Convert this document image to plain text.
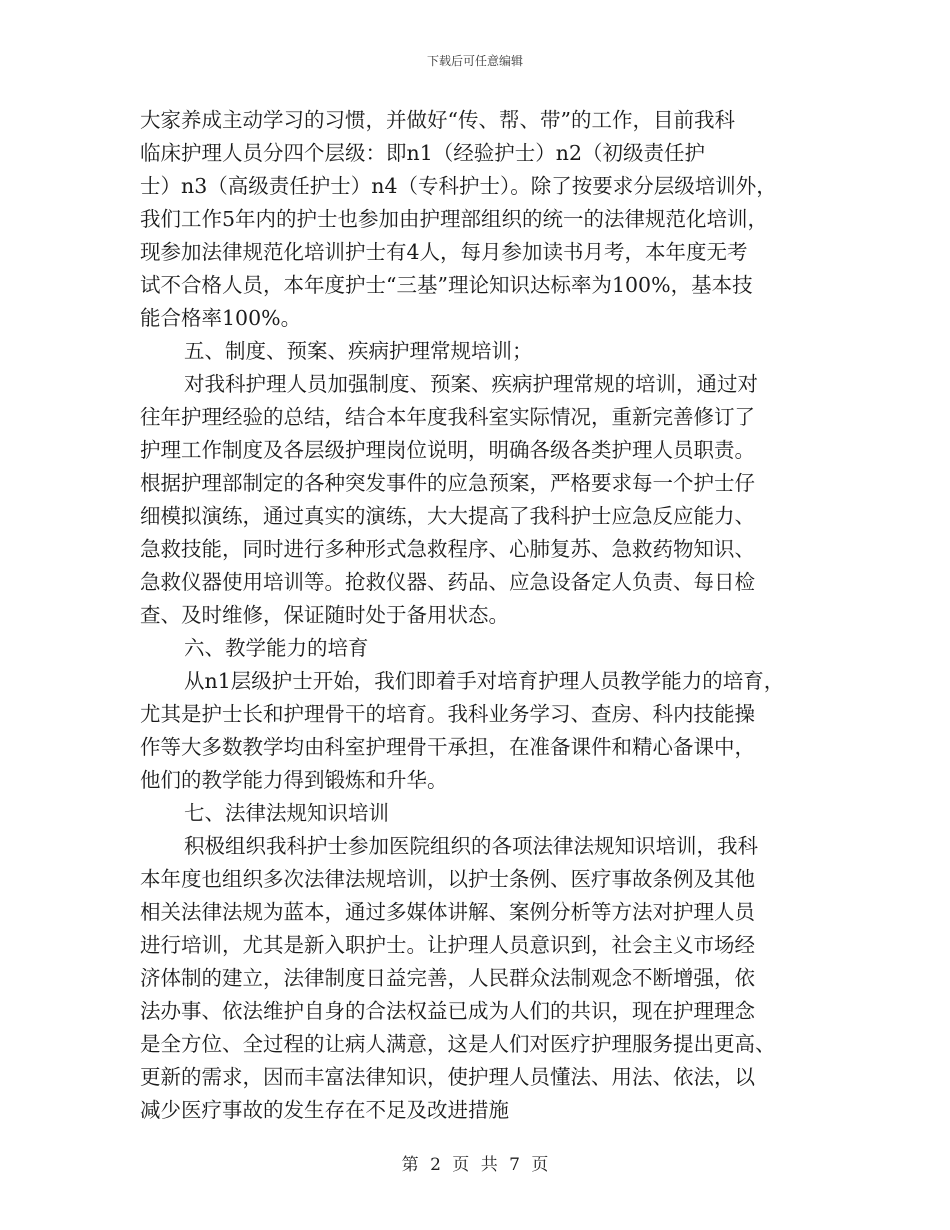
下载后可任意编辑
大家养成主动学习的习惯，并做好“传、帮、带”的工作，目前我科
临床护理人员分四个层级：即n1（经验护士）n2（初级责任护
士）n3（高级责任护士）n4（专科护士）。除了按要求分层级培训外，
我们工作5年内的护士也参加由护理部组织的统一的法律规范化培训，
现参加法律规范化培训护士有4人，每月参加读书月考，本年度无考
试不合格人员，本年度护士“三基”理论知识达标率为100%，基本技
能合格率100%。
五、制度、预案、疾病护理常规培训；
对我科护理人员加强制度、预案、疾病护理常规的培训，通过对
往年护理经验的总结，结合本年度我科室实际情况，重新完善修订了
护理工作制度及各层级护理岗位说明，明确各级各类护理人员职责。
根据护理部制定的各种突发事件的应急预案，严格要求每一个护士仔
细模拟演练，通过真实的演练，大大提高了我科护士应急反应能力、
急救技能，同时进行多种形式急救程序、心肺复苏、急救药物知识、
急救仪器使用培训等。抢救仪器、药品、应急设备定人负责、每日检
查、及时维修，保证随时处于备用状态。
六、教学能力的培育
从n1层级护士开始，我们即着手对培育护理人员教学能力的培育，
尤其是护士长和护理骨干的培育。我科业务学习、查房、科内技能操
作等大多数教学均由科室护理骨干承担，在准备课件和精心备课中，
他们的教学能力得到锻炼和升华。
七、法律法规知识培训
积极组织我科护士参加医院组织的各项法律法规知识培训，我科
本年度也组织多次法律法规培训，以护士条例、医疗事故条例及其他
相关法律法规为蓝本，通过多媒体讲解、案例分析等方法对护理人员
进行培训，尤其是新入职护士。让护理人员意识到，社会主义市场经
济体制的建立，法律制度日益完善，人民群众法制观念不断增强，依
法办事、依法维护自身的合法权益已成为人们的共识，现在护理理念
是全方位、全过程的让病人满意，这是人们对医疗护理服务提出更高、
更新的需求，因而丰富法律知识，使护理人员懂法、用法、依法，以
减少医疗事故的发生存在不足及改进措施
第 2 页 共 7 页
